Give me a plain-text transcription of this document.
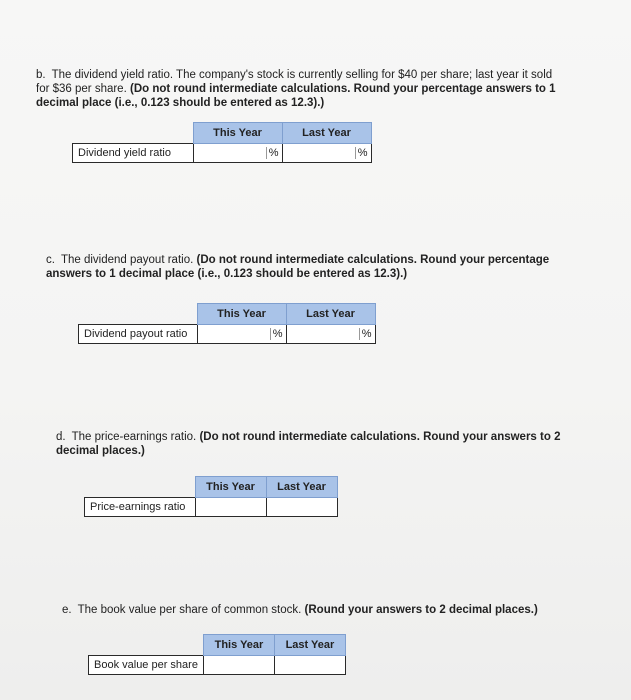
b. The dividend yield ratio. The company's stock is currently selling for $40 per share; last year it sold for $36 per share. (Do not round intermediate calculations. Round your percentage answers to 1 decimal place (i.e., 0.123 should be entered as 12.3).)
	This Year	Last Year
Dividend yield ratio	%	%
c. The dividend payout ratio. (Do not round intermediate calculations. Round your percentage answers to 1 decimal place (i.e., 0.123 should be entered as 12.3).)
	This Year	Last Year
Dividend payout ratio	%	%
d. The price-earnings ratio. (Do not round intermediate calculations. Round your answers to 2 decimal places.)
	This Year	Last Year
Price-earnings ratio		
e. The book value per share of common stock. (Round your answers to 2 decimal places.)
	This Year	Last Year
Book value per share		
